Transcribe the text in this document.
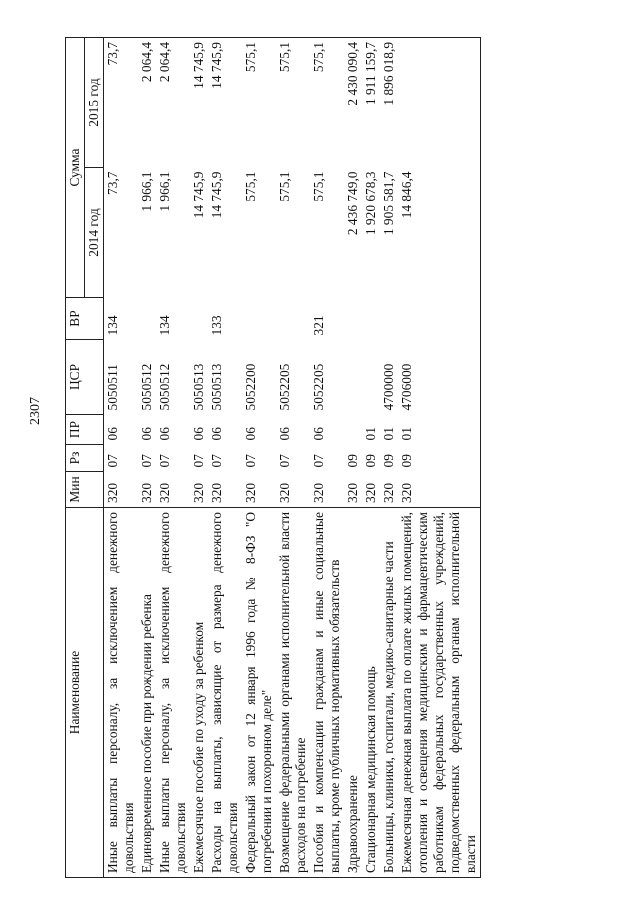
2307
Наименование	Мин	Рз	ПР	ЦСР	ВР	Сумма	
						2014 год	2015 год
Иные выплаты персоналу, за исключением денежного довольствия	320	07	06	5050511	134	73,7	73,7
Единовременное пособие при рождении ребенка	320	07	06	5050512		1 966,1	2 064,4
Иные выплаты персоналу, за исключением денежного довольствия	320	07	06	5050512	134	1 966,1	2 064,4
Ежемесячное пособие по уходу за ребенком	320	07	06	5050513		14 745,9	14 745,9
Расходы на выплаты, зависящие от размера денежного довольствия	320	07	06	5050513	133	14 745,9	14 745,9
Федеральный закон от 12 января 1996 года № 8-ФЗ "О погребении и похоронном деле"	320	07	06	5052200		575,1	575,1
Возмещение федеральными органами исполнительной власти расходов на погребение	320	07	06	5052205		575,1	575,1
Пособия и компенсации гражданам и иные социальные выплаты, кроме публичных нормативных обязательств	320	07	06	5052205	321	575,1	575,1
Здравоохранение	320	09				2 436 749,0	2 430 090,4
Стационарная медицинская помощь	320	09	01			1 920 678,3	1 911 159,7
Больницы, клиники, госпитали, медико-санитарные части	320	09	01	4700000		1 905 581,7	1 896 018,9
Ежемесячная денежная выплата по оплате жилых помещений, отопления и освещения медицинским и фармацевтическим работникам федеральных государственных учреждений, подведомственных федеральным органам исполнительной власти	320	09	01	4706000		14 846,4	
